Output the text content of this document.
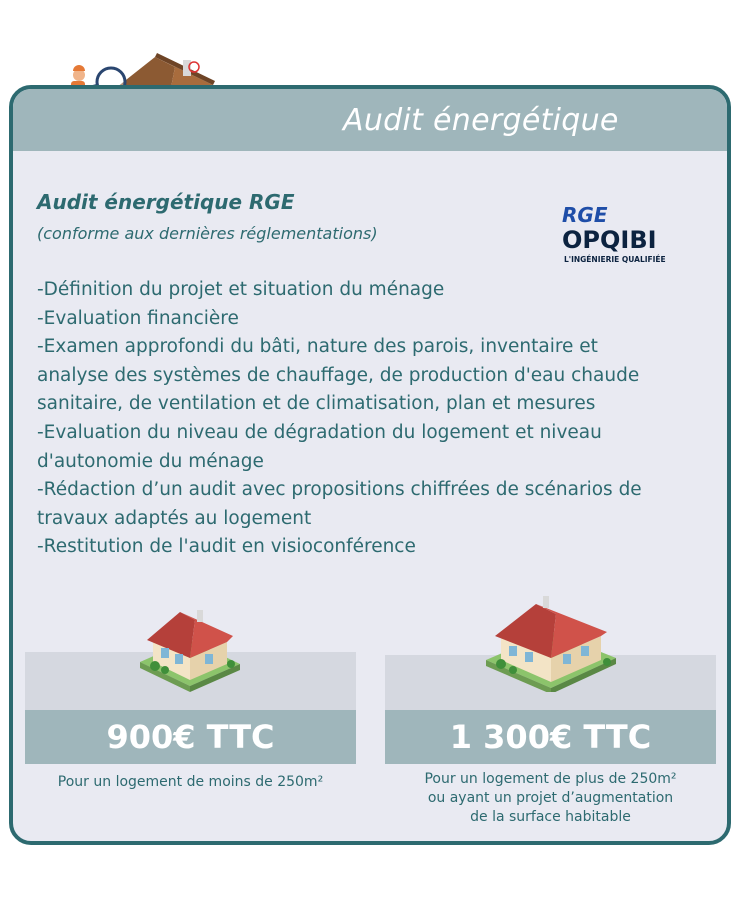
Audit énergétique
Audit énergétique RGE
(conforme aux dernières réglementations)
RGE
OPQIBI
L'INGÉNIERIE QUALIFIÉE
-Définition du projet et situation du ménage
-Evaluation financière
-Examen approfondi du bâti, nature des parois, inventaire et
analyse des systèmes de chauffage, de production d'eau chaude
sanitaire, de ventilation et de climatisation, plan et mesures
-Evaluation du niveau de dégradation du logement et niveau
d'autonomie du ménage
-Rédaction d’un audit avec propositions chiffrées de scénarios de
travaux adaptés au logement
-Restitution de l'audit en visioconférence
900€ TTC
Pour un logement de moins de 250m²
1 300€ TTC
Pour un logement de plus de 250m²
ou ayant un projet d’augmentation
de la surface habitable
